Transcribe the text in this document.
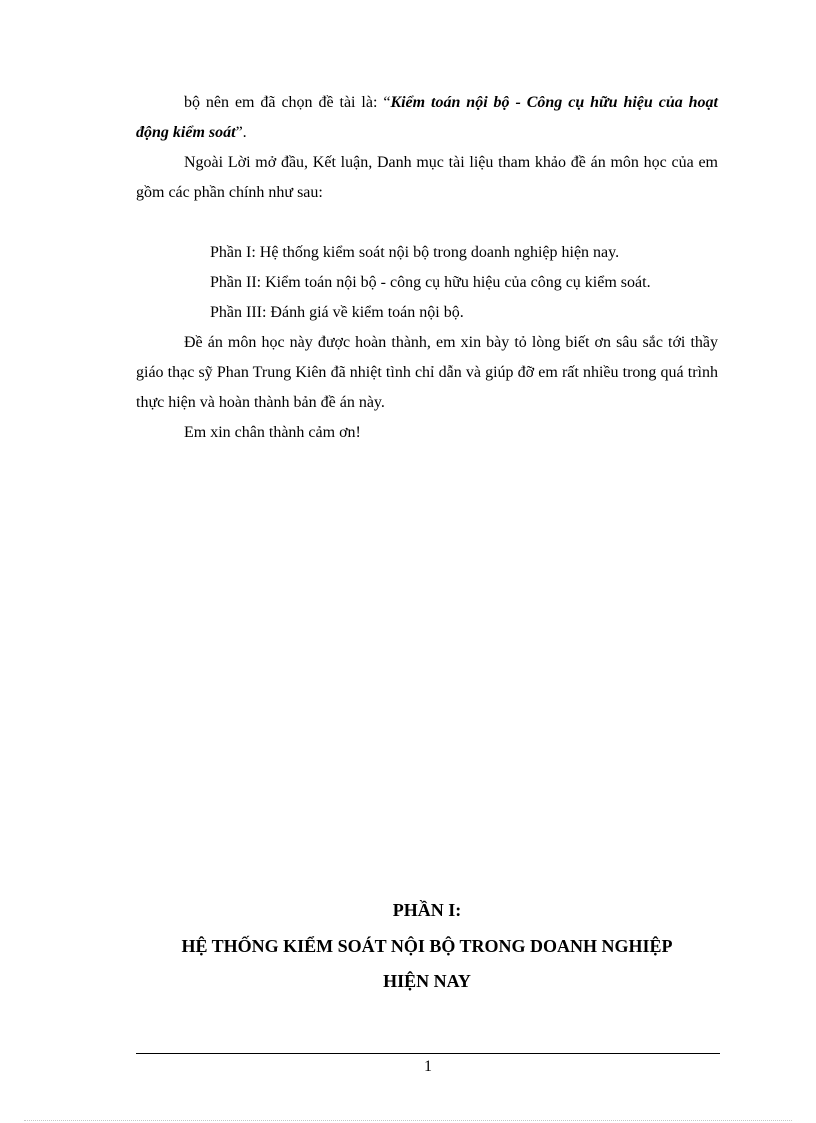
bộ nên em đã chọn đề tài là: “Kiểm toán nội bộ - Công cụ hữu hiệu của hoạt động kiểm soát”.
Ngoài Lời mở đầu, Kết luận, Danh mục tài liệu tham khảo đề án môn học của em gồm các phần chính như sau:
Phần I: Hệ thống kiểm soát nội bộ trong doanh nghiệp hiện nay.
Phần II: Kiểm toán nội bộ - công cụ hữu hiệu của công cụ kiểm soát.
Phần III: Đánh giá về kiểm toán nội bộ.
Đề án môn học này được hoàn thành, em xin bày tỏ lòng biết ơn sâu sắc tới thầy giáo thạc sỹ Phan Trung Kiên đã nhiệt tình chỉ dẫn và giúp đỡ em rất nhiều trong quá trình thực hiện và hoàn thành bản đề án này.
Em xin chân thành cảm ơn!
PHẦN I:
HỆ THỐNG KIỂM SOÁT NỘI BỘ TRONG DOANH NGHIỆP
HIỆN NAY
1
